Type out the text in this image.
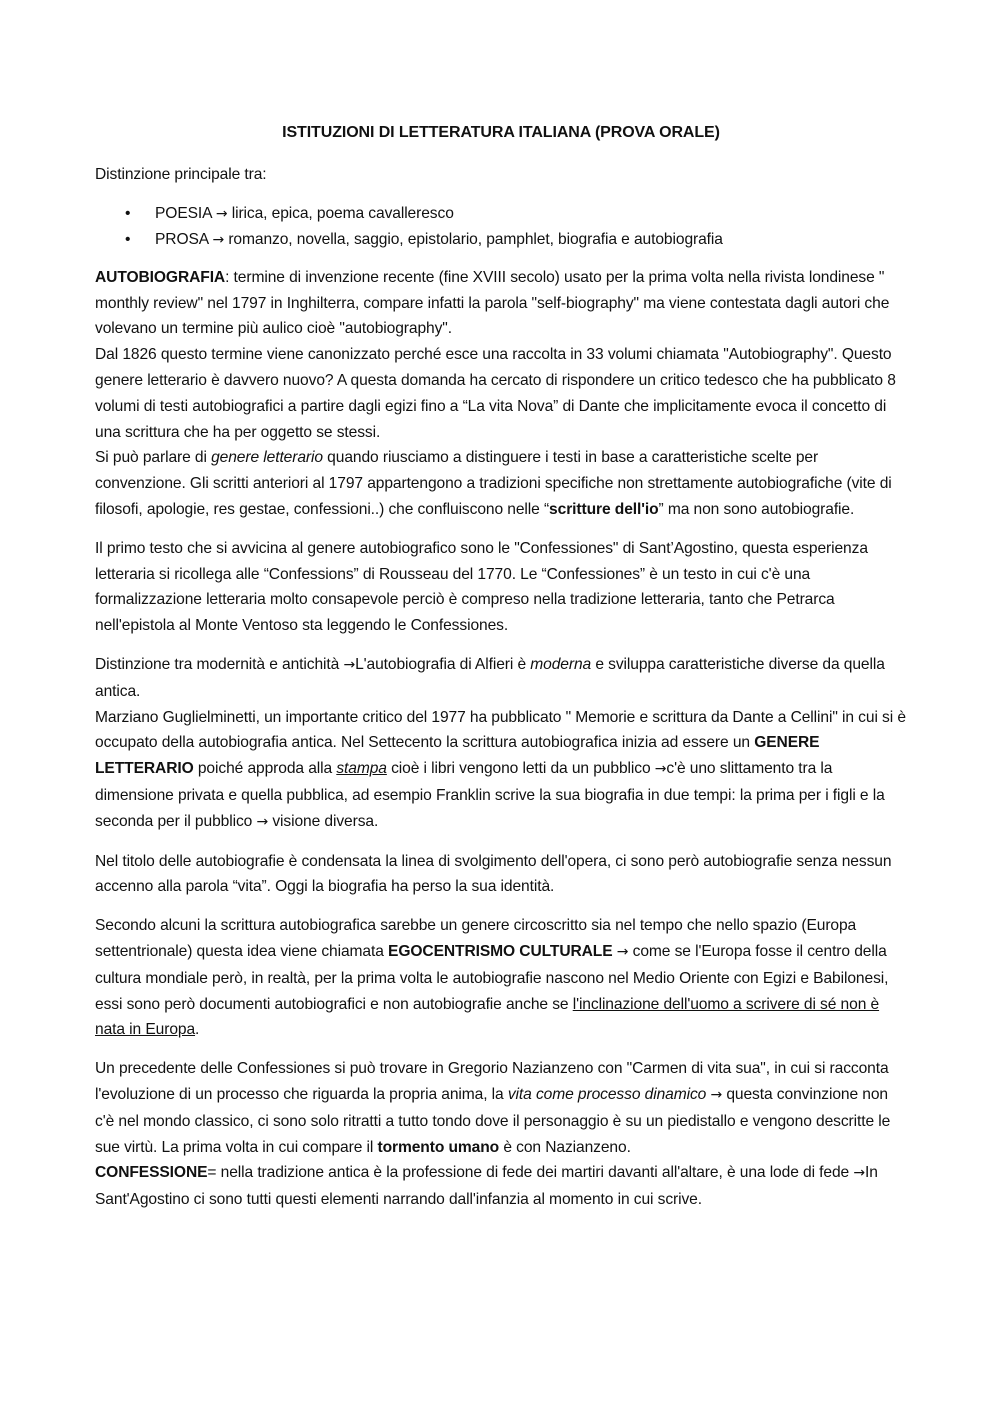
ISTITUZIONI DI LETTERATURA ITALIANA (PROVA ORALE)

Distinzione principale tra:

• POESIA → lirica, epica, poema cavalleresco
• PROSA → romanzo, novella, saggio, epistolario, pamphlet, biografia e autobiografia

AUTOBIOGRAFIA: termine di invenzione recente (fine XVIII secolo) usato per la prima volta nella rivista londinese " monthly review" nel 1797 in Inghilterra, compare infatti la parola "self-biography" ma viene contestata dagli autori che volevano un termine più aulico cioè "autobiography".
Dal 1826 questo termine viene canonizzato perché esce una raccolta in 33 volumi chiamata "Autobiography". Questo genere letterario è davvero nuovo? A questa domanda ha cercato di rispondere un critico tedesco che ha pubblicato 8 volumi di testi autobiografici a partire dagli egizi fino a “La vita Nova” di Dante che implicitamente evoca il concetto di una scrittura che ha per oggetto se stessi.
Si può parlare di genere letterario quando riusciamo a distinguere i testi in base a caratteristiche scelte per convenzione. Gli scritti anteriori al 1797 appartengono a tradizioni specifiche non strettamente autobiografiche (vite di filosofi, apologie, res gestae, confessioni..) che confluiscono nelle “scritture dell'io” ma non sono autobiografie.

Il primo testo che si avvicina al genere autobiografico sono le "Confessiones" di Sant’Agostino, questa esperienza letteraria si ricollega alle “Confessions” di Rousseau del 1770. Le “Confessiones” è un testo in cui c'è una formalizzazione letteraria molto consapevole perciò è compreso nella tradizione letteraria, tanto che Petrarca nell'epistola al Monte Ventoso sta leggendo le Confessiones.

Distinzione tra modernità e antichità →L'autobiografia di Alfieri è moderna e sviluppa caratteristiche diverse da quella antica.
Marziano Guglielminetti, un importante critico del 1977 ha pubblicato " Memorie e scrittura da Dante a Cellini" in cui si è occupato della autobiografia antica. Nel Settecento la scrittura autobiografica inizia ad essere un GENERE LETTERARIO poiché approda alla stampa cioè i libri vengono letti da un pubblico →c'è uno slittamento tra la dimensione privata e quella pubblica, ad esempio Franklin scrive la sua biografia in due tempi: la prima per i figli e la seconda per il pubblico → visione diversa.

Nel titolo delle autobiografie è condensata la linea di svolgimento dell'opera, ci sono però autobiografie senza nessun accenno alla parola “vita”. Oggi la biografia ha perso la sua identità.

Secondo alcuni la scrittura autobiografica sarebbe un genere circoscritto sia nel tempo che nello spazio (Europa settentrionale) questa idea viene chiamata EGOCENTRISMO CULTURALE → come se l'Europa fosse il centro della cultura mondiale però, in realtà, per la prima volta le autobiografie nascono nel Medio Oriente con Egizi e Babilonesi, essi sono però documenti autobiografici e non autobiografie anche se l'inclinazione dell'uomo a scrivere di sé non è nata in Europa.

Un precedente delle Confessiones si può trovare in Gregorio Nazianzeno con "Carmen di vita sua", in cui si racconta l'evoluzione di un processo che riguarda la propria anima, la vita come processo dinamico → questa convinzione non c'è nel mondo classico, ci sono solo ritratti a tutto tondo dove il personaggio è su un piedistallo e vengono descritte le sue virtù. La prima volta in cui compare il tormento umano è con Nazianzeno.
CONFESSIONE= nella tradizione antica è la professione di fede dei martiri davanti all'altare, è una lode di fede →In Sant'Agostino ci sono tutti questi elementi narrando dall'infanzia al momento in cui scrive.
